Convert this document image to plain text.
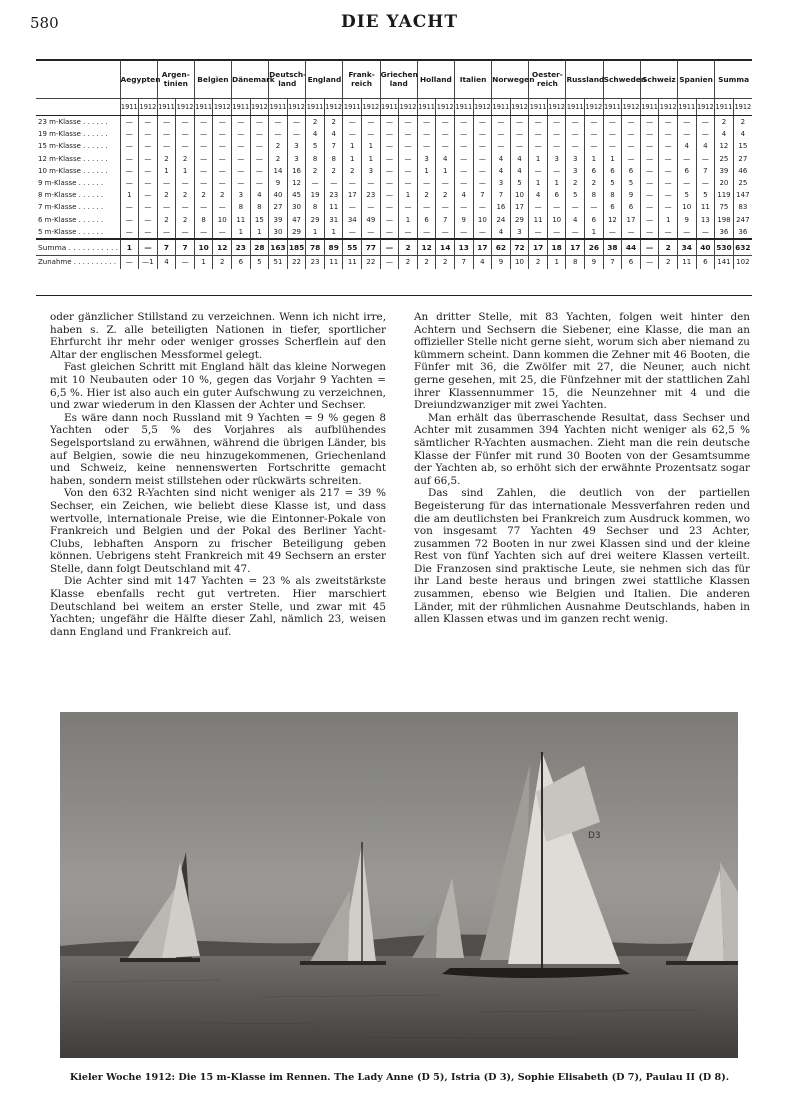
580	DIE YACHT
	Aegypten		Argen-tinien		Belgien		Dänemark		Deutsch-land		England		Frank-reich		Griechen land		Holland		Italien		Norwegen		Oester-reich		Russland		Schweden		Schweiz		Spanien		Summa	
	1911	1912	1911	1912	1911	1912	1911	1912	1911	1912	1911	1912	1911	1912	1911	1912	1911	1912	1911	1912	1911	1912	1911	1912	1911	1912	1911	1912	1911	1912	1911	1912	1911	1912
23 m-Klasse . . . . . .	—	—	—	—	—	—	—	—	—	—	2	2	—	—	—	—	—	—	—	—	—	—	—	—	—	—	—	—	—	—	—	—	2	2
19 m-Klasse . . . . . .	—	—	—	—	—	—	—	—	—	—	4	4	—	—	—	—	—	—	—	—	—	—	—	—	—	—	—	—	—	—	—	—	4	4
15 m-Klasse . . . . . .	—	—	—	—	—	—	—	—	2	3	5	7	1	1	—	—	—	—	—	—	—	—	—	—	—	—	—	—	—	—	4	4	12	15
12 m-Klasse . . . . . .	—	—	2	2	—	—	—	—	2	3	8	8	1	1	—	—	3	4	—	—	4	4	1	3	3	1	1	—	—	—	—	—	25	27
10 m-Klasse . . . . . .	—	—	1	1	—	—	—	—	14	16	2	2	2	3	—	—	1	1	—	—	4	4	—	—	3	6	6	6	—	—	6	7	39	46
9 m-Klasse . . . . . .	—	—	—	—	—	—	—	—	9	12	—	—	—	—	—	—	—	—	—	—	3	5	1	1	2	2	5	5	—	—	—	—	20	25
8 m-Klasse . . . . . .	1	—	2	2	2	2	3	4	40	45	19	23	17	23	—	1	2	2	4	7	7	10	4	6	5	8	8	9	—	—	5	5	119	147
7 m-Klasse . . . . . .	—	—	—	—	—	—	8	8	27	30	8	11	—	—	—	—	—	—	—	—	16	17	—	—	—	—	6	6	—	—	10	11	75	83
6 m-Klasse . . . . . .	—	—	2	2	8	10	11	15	39	47	29	31	34	49	—	1	6	7	9	10	24	29	11	10	4	6	12	17	—	1	9	13	198	247
5 m-Klasse . . . . . .	—	—	—	—	—	—	1	1	30	29	1	1	—	—	—	—	—	—	—	—	4	3	—	—	—	1	—	—	—	—	—	—	36	36
Summa . . . . . . . . . . .	1	—	7	7	10	12	23	28	163	185	78	89	55	77	—	2	12	14	13	17	62	72	17	18	17	26	38	44	—	2	34	40	530	632
Zunahme . . . . . . . . . .	—	—1	4	—	1	2	6	5	51	22	23	11	11	22	—	2	2	2	7	4	9	10	2	1	8	9	7	6	—	2	11	6	141	102

oder gänzlicher Stillstand zu verzeichnen. Wenn ich nicht irre, haben s. Z. alle beteiligten Nationen in tiefer, sportlicher Ehrfurcht ihr mehr oder weniger grosses Scherflein auf den Altar der englischen Messformel gelegt.

Fast gleichen Schritt mit England hält das kleine Norwegen mit 10 Neubauten oder 10 %, gegen das Vorjahr 9 Yachten = 6,5 %. Hier ist also auch ein guter Aufschwung zu verzeichnen, und zwar wiederum in den Klassen der Achter und Sechser.

Es wäre dann noch Russland mit 9 Yachten = 9 % gegen 8 Yachten oder 5,5 % des Vorjahres als aufblühendes Segelsportsland zu erwähnen, während die übrigen Länder, bis auf Belgien, sowie die neu hinzugekommenen, Griechenland und Schweiz, keine nennenswerten Fortschritte gemacht haben, sondern meist stillstehen oder rückwärts schreiten.

Von den 632 R-Yachten sind nicht weniger als 217 = 39 % Sechser, ein Zeichen, wie beliebt diese Klasse ist, und dass wertvolle, internationale Preise, wie die Eintonner-Pokale von Frankreich und Belgien und der Pokal des Berliner Yacht-Clubs, lebhaften Ansporn zu frischer Beteiligung geben können. Uebrigens steht Frankreich mit 49 Sechsern an erster Stelle, dann folgt Deutschland mit 47.

Die Achter sind mit 147 Yachten = 23 % als zweitstärkste Klasse ebenfalls recht gut vertreten. Hier marschiert Deutschland bei weitem an erster Stelle, und zwar mit 45 Yachten; ungefähr die Hälfte dieser Zahl, nämlich 23, weisen dann England und Frankreich auf.

An dritter Stelle, mit 83 Yachten, folgen weit hinter den Achtern und Sechsern die Siebener, eine Klasse, die man an offizieller Stelle nicht gerne sieht, worum sich aber niemand zu kümmern scheint. Dann kommen die Zehner mit 46 Booten, die Fünfer mit 36, die Zwölfer mit 27, die Neuner, auch nicht gerne gesehen, mit 25, die Fünfzehner mit der stattlichen Zahl ihrer Klassennummer 15, die Neunzehner mit 4 und die Dreiundzwanziger mit zwei Yachten.

Man erhält das überraschende Resultat, dass Sechser und Achter mit zusammen 394 Yachten nicht weniger als 62,5 % sämtlicher R-Yachten ausmachen. Zieht man die rein deutsche Klasse der Fünfer mit rund 30 Booten von der Gesamtsumme der Yachten ab, so erhöht sich der erwähnte Prozentsatz sogar auf 66,5.

Das sind Zahlen, die deutlich von der partiellen Begeisterung für das internationale Messverfahren reden und die am deutlichsten bei Frankreich zum Ausdruck kommen, wo von insgesamt 77 Yachten 49 Sechser und 23 Achter, zusammen 72 Booten in nur zwei Klassen sind und der kleine Rest von fünf Yachten sich auf drei weitere Klassen verteilt. Die Franzosen sind praktische Leute, sie nehmen sich das für ihr Land beste heraus und bringen zwei stattliche Klassen zusammen, ebenso wie Belgien und Italien. Die anderen Länder, mit der rühmlichen Ausnahme Deutschlands, haben in allen Klassen etwas und im ganzen recht wenig.

D3
Kieler Woche 1912: Die 15 m-Klasse im Rennen. The Lady Anne (D 5), Istria (D 3), Sophie Elisabeth (D 7), Paulau II (D 8).
